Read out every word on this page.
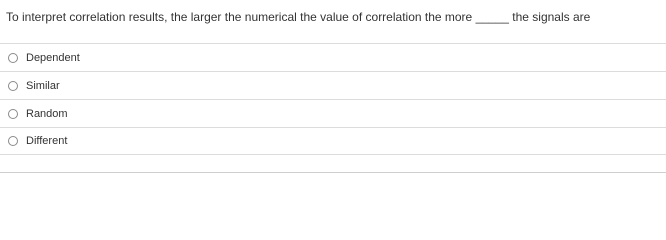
To interpret correlation results, the larger the numerical the value of correlation the more _____ the signals are
Dependent
Similar
Random
Different
